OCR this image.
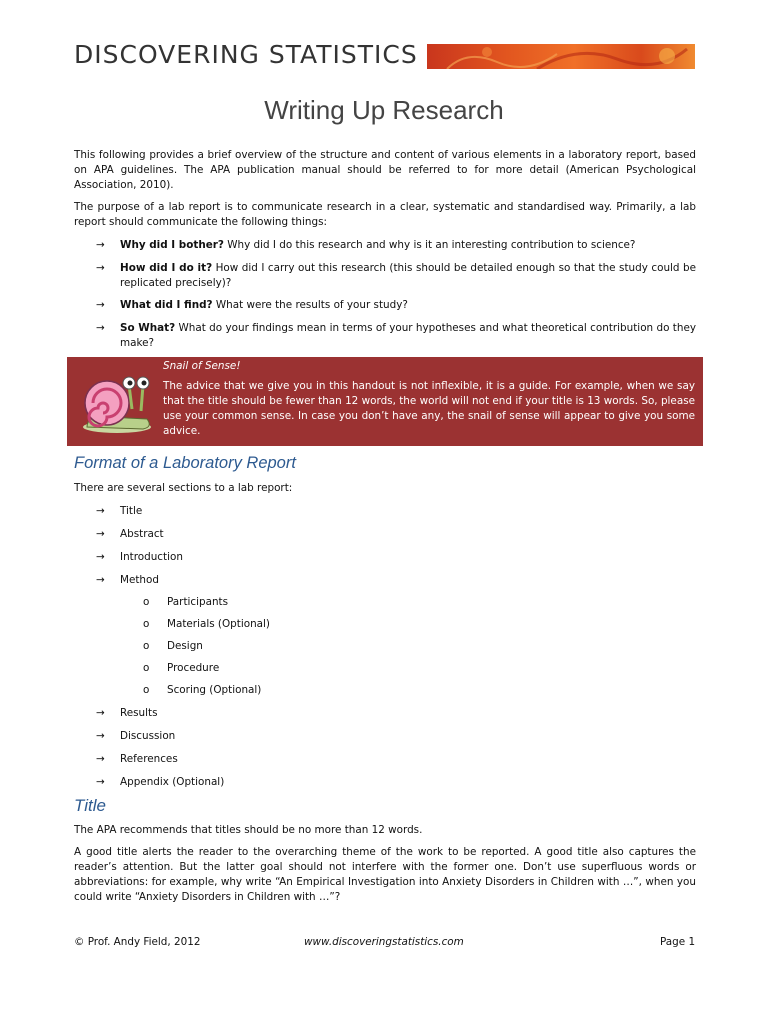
DISCOVERING STATISTICS
Writing Up Research
This following provides a brief overview of the structure and content of various elements in a laboratory report, based on APA guidelines. The APA publication manual should be referred to for more detail (American Psychological Association, 2010).
The purpose of a lab report is to communicate research in a clear, systematic and standardised way. Primarily, a lab report should communicate the following things:
→ Why did I bother? Why did I do this research and why is it an interesting contribution to science?
→ How did I do it? How did I carry out this research (this should be detailed enough so that the study could be replicated precisely)?
→ What did I find? What were the results of your study?
→ So What? What do your findings mean in terms of your hypotheses and what theoretical contribution do they make?
Snail of Sense!
The advice that we give you in this handout is not inflexible, it is a guide. For example, when we say that the title should be fewer than 12 words, the world will not end if your title is 13 words. So, please use your common sense. In case you don’t have any, the snail of sense will appear to give you some advice.
Format of a Laboratory Report
There are several sections to a lab report:
→ Title
→ Abstract
→ Introduction
→ Method
o Participants
o Materials (Optional)
o Design
o Procedure
o Scoring (Optional)
→ Results
→ Discussion
→ References
→ Appendix (Optional)
Title
The APA recommends that titles should be no more than 12 words.
A good title alerts the reader to the overarching theme of the work to be reported. A good title also captures the reader’s attention. But the latter goal should not interfere with the former one. Don’t use superfluous words or abbreviations: for example, why write “An Empirical Investigation into Anxiety Disorders in Children with …”, when you could write “Anxiety Disorders in Children with …”?
© Prof. Andy Field, 2012	www.discoveringstatistics.com	Page 1
